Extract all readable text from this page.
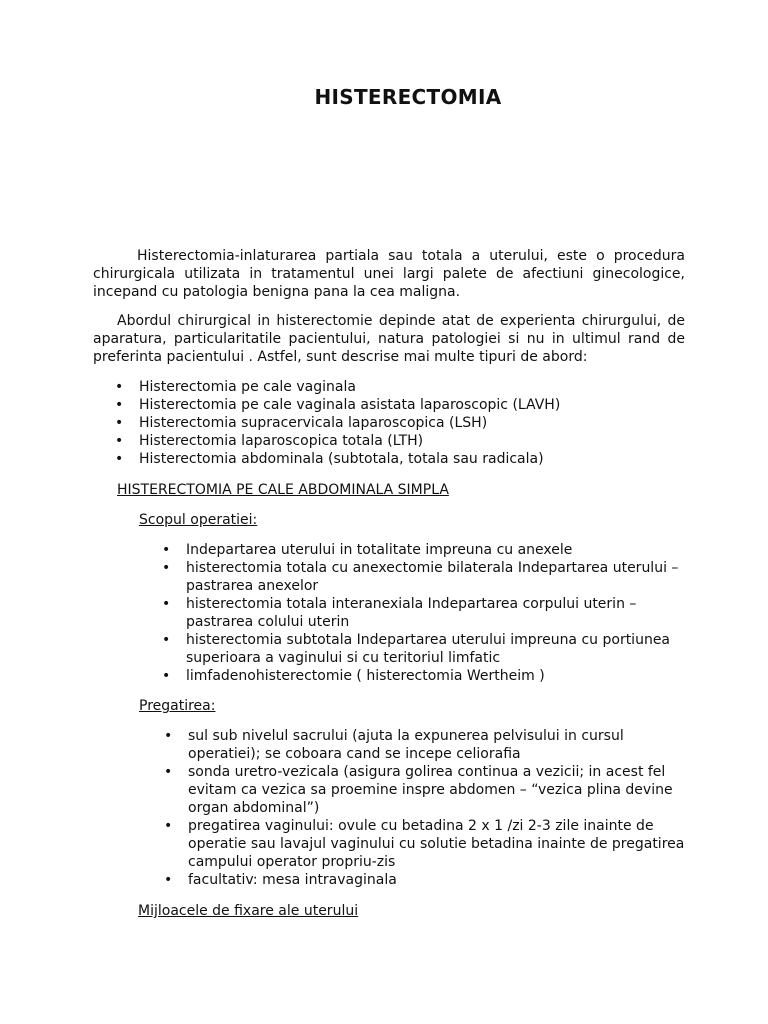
HISTERECTOMIA

Histerectomia-inlaturarea partiala sau totala a uterului, este o procedura chirurgicala utilizata in tratamentul unei largi palete de afectiuni ginecologice, incepand cu patologia benigna pana la cea maligna.

Abordul chirurgical in histerectomie depinde atat de experienta chirurgului, de aparatura, particularitatile pacientului, natura patologiei si nu in ultimul rand de preferinta pacientului . Astfel, sunt descrise mai multe tipuri de abord:

• Histerectomia pe cale vaginala
• Histerectomia pe cale vaginala asistata laparoscopic (LAVH)
• Histerectomia supracervicala laparoscopica (LSH)
• Histerectomia laparoscopica totala (LTH)
• Histerectomia abdominala (subtotala, totala sau radicala)
HISTERECTOMIA PE CALE ABDOMINALA SIMPLA
Scopul operatiei:
• Indepartarea uterului in totalitate impreuna cu anexele
• histerectomia totala cu anexectomie bilaterala Indepartarea uterului – pastrarea anexelor
• histerectomia totala interanexiala Indepartarea corpului uterin – pastrarea colului uterin
• histerectomia subtotala Indepartarea uterului impreuna cu portiunea superioara a vaginului si cu teritoriul limfatic
• limfadenohisterectomie ( histerectomia Wertheim )
Pregatirea:
• sul sub nivelul sacrului (ajuta la expunerea pelvisului in cursul operatiei); se coboara cand se incepe celiorafia
• sonda uretro-vezicala (asigura golirea continua a vezicii; in acest fel evitam ca vezica sa proemine inspre abdomen – “vezica plina devine organ abdominal”)
• pregatirea vaginului: ovule cu betadina 2 x 1 /zi 2-3 zile inainte de operatie sau lavajul vaginului cu solutie betadina inainte de pregatirea campului operator propriu-zis
• facultativ: mesa intravaginala
Mijloacele de fixare ale uterului
